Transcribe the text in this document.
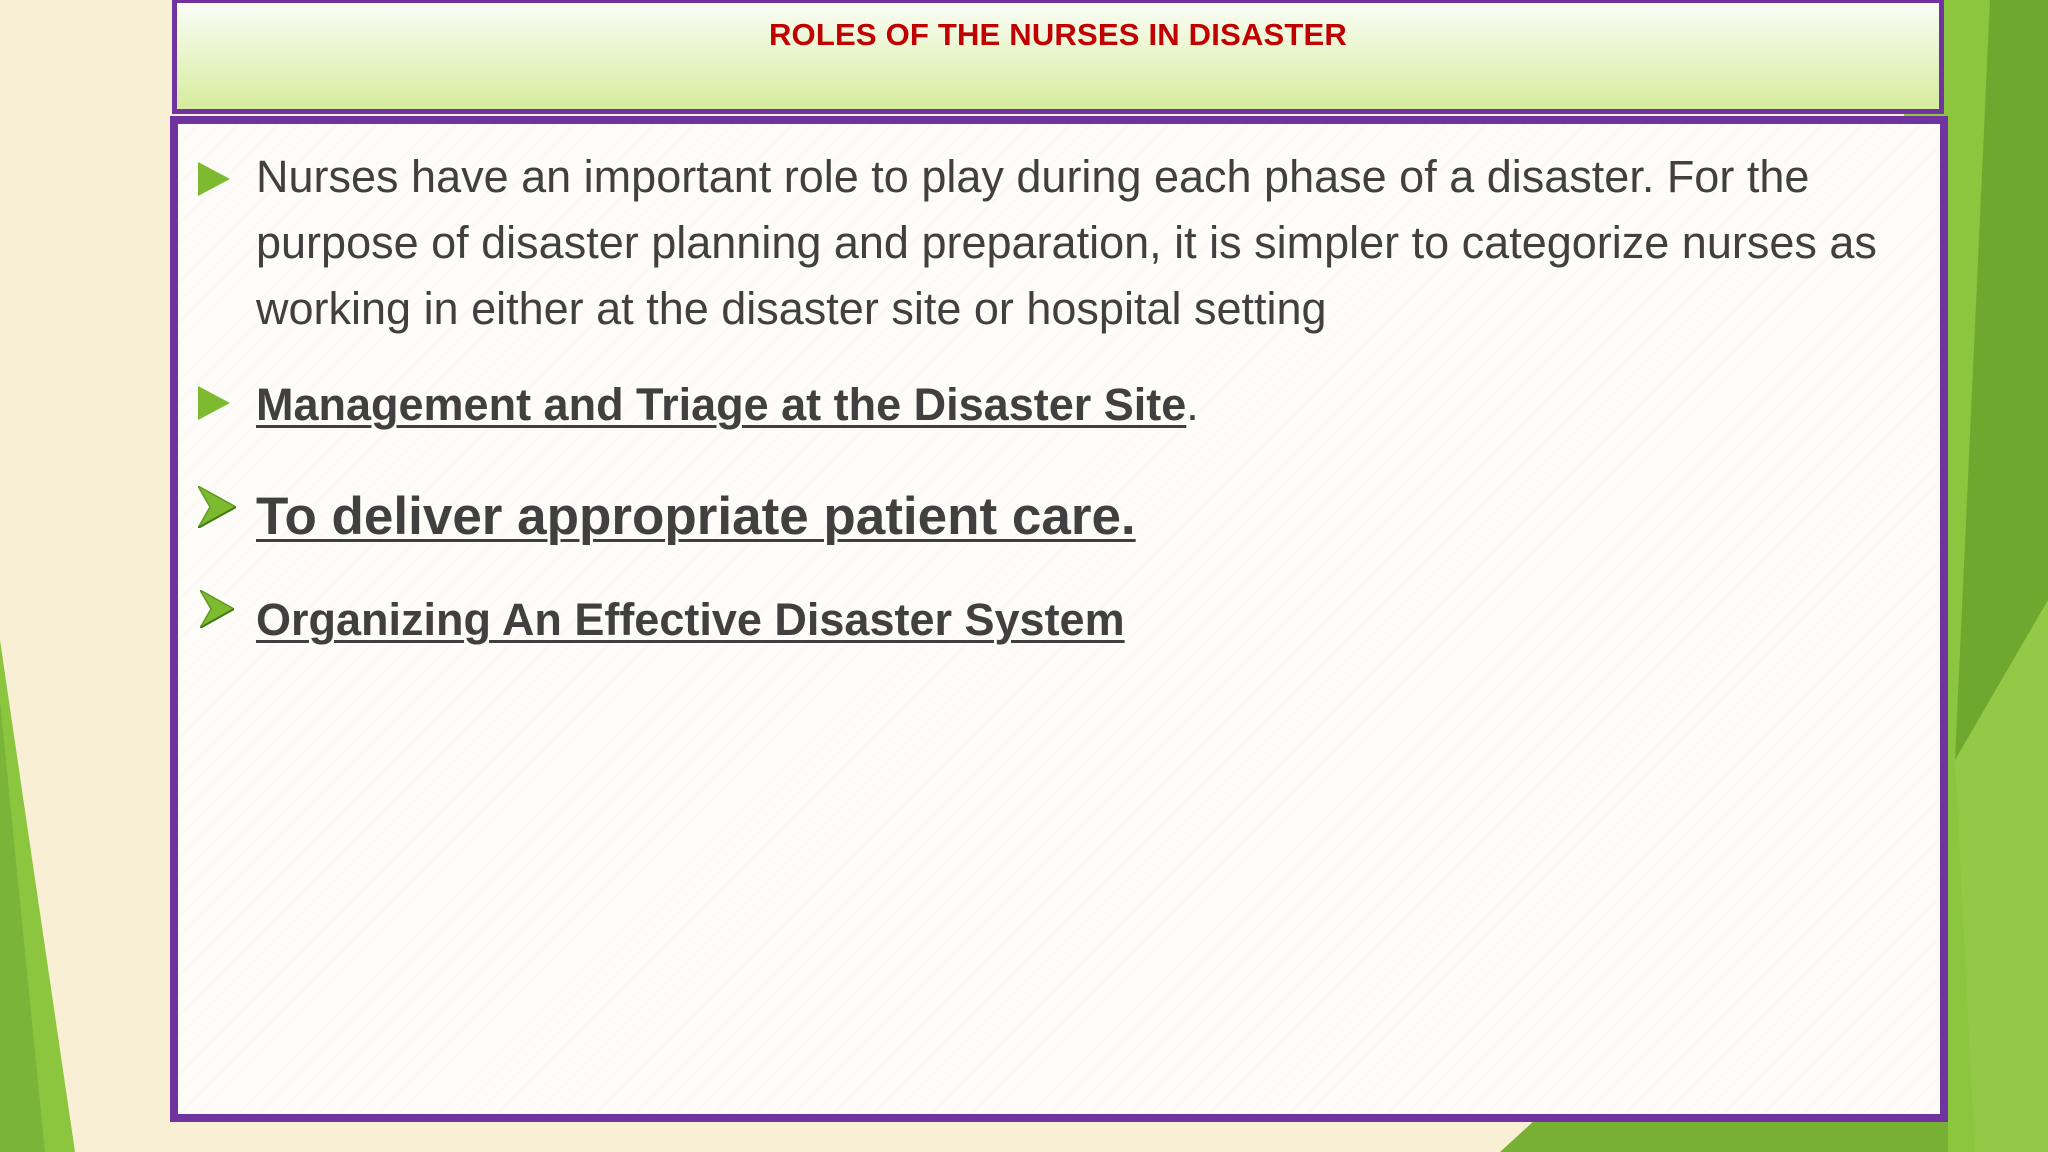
ROLES OF THE NURSES IN DISASTER
Nurses have an important role to play during each phase of a disaster. For the purpose of disaster planning and preparation, it is simpler to categorize nurses as working in either at the disaster site or hospital setting
Management and Triage at the Disaster Site.
To deliver appropriate patient care.
Organizing An Effective Disaster System
